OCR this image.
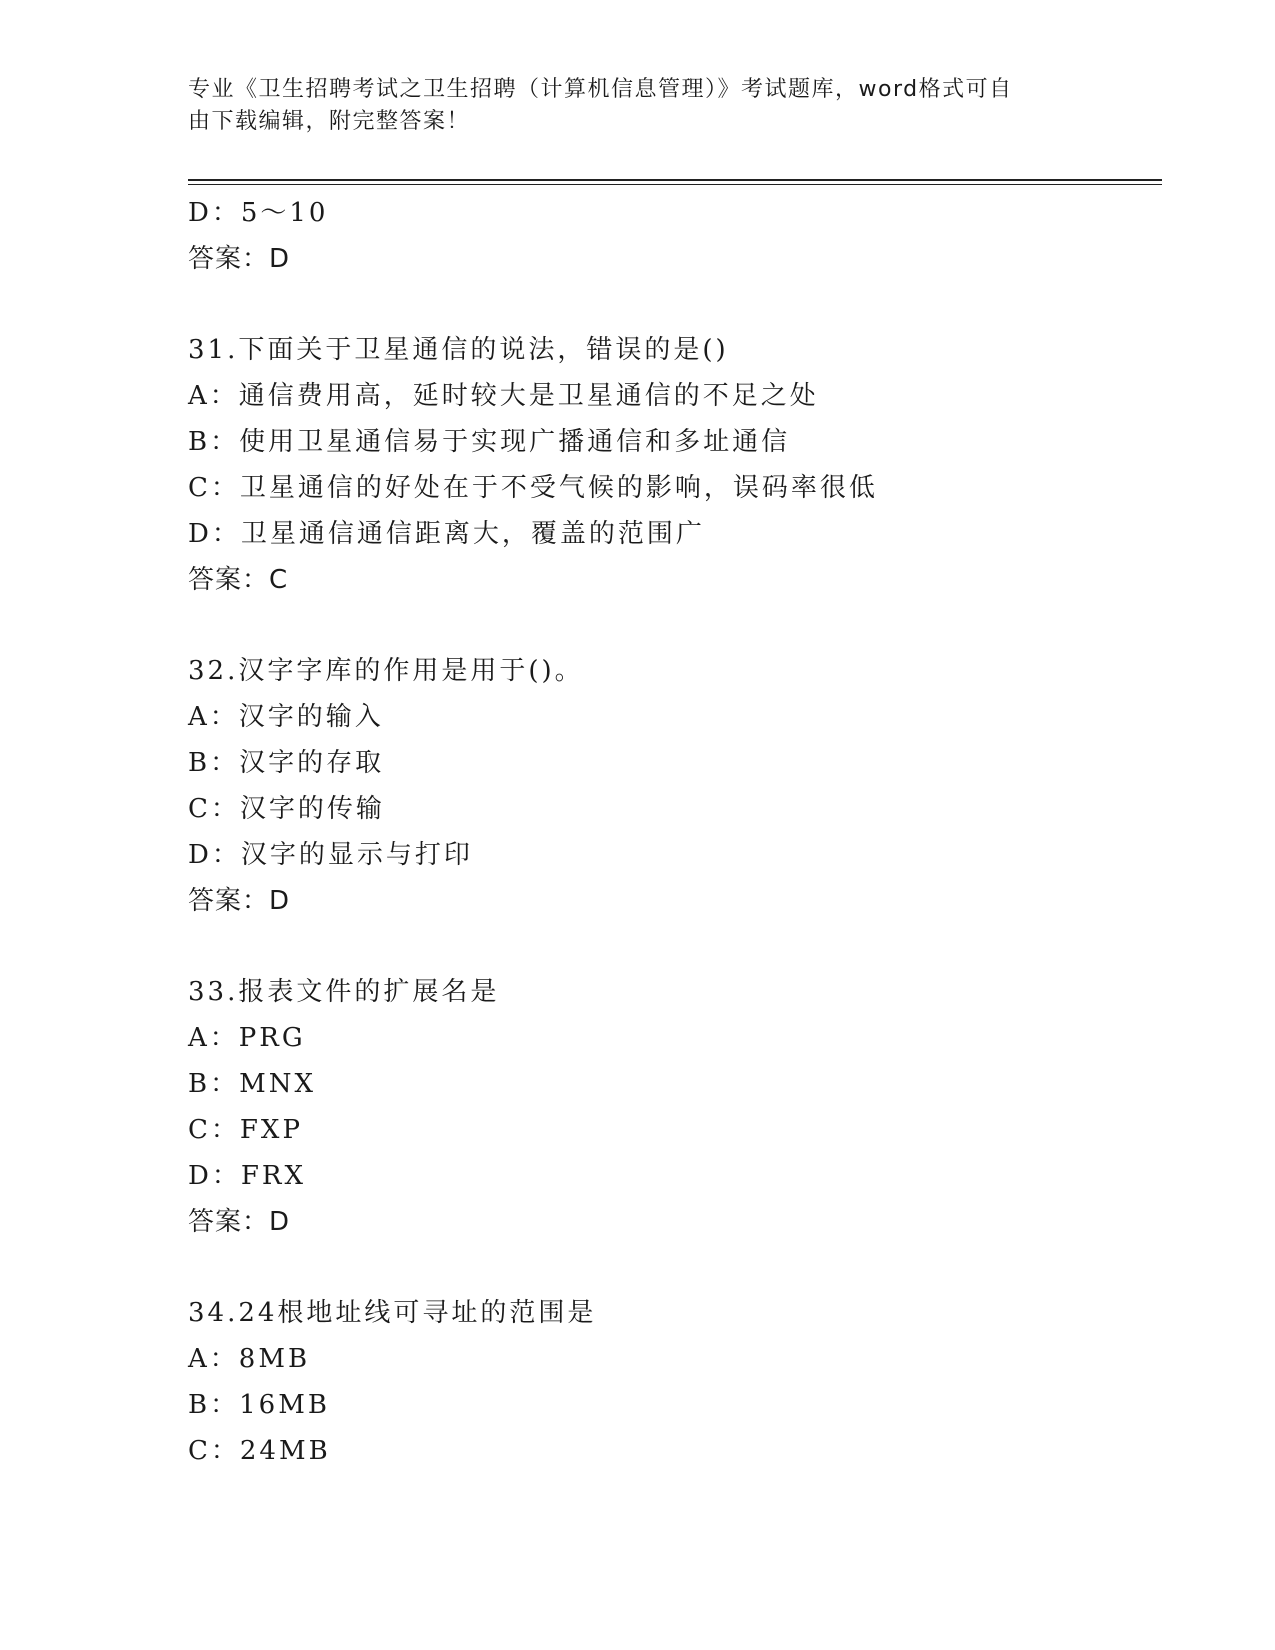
专业《卫生招聘考试之卫生招聘（计算机信息管理）》考试题库，word格式可自
由下载编辑，附完整答案！
D：5～10
答案：D
31.下面关于卫星通信的说法，错误的是()
A：通信费用高，延时较大是卫星通信的不足之处
B：使用卫星通信易于实现广播通信和多址通信
C：卫星通信的好处在于不受气候的影响，误码率很低
D：卫星通信通信距离大，覆盖的范围广
答案：C
32.汉字字库的作用是用于()。
A：汉字的输入
B：汉字的存取
C：汉字的传输
D：汉字的显示与打印
答案：D
33.报表文件的扩展名是
A：PRG
B：MNX
C：FXP
D：FRX
答案：D
34.24根地址线可寻址的范围是
A：8MB
B：16MB
C：24MB
